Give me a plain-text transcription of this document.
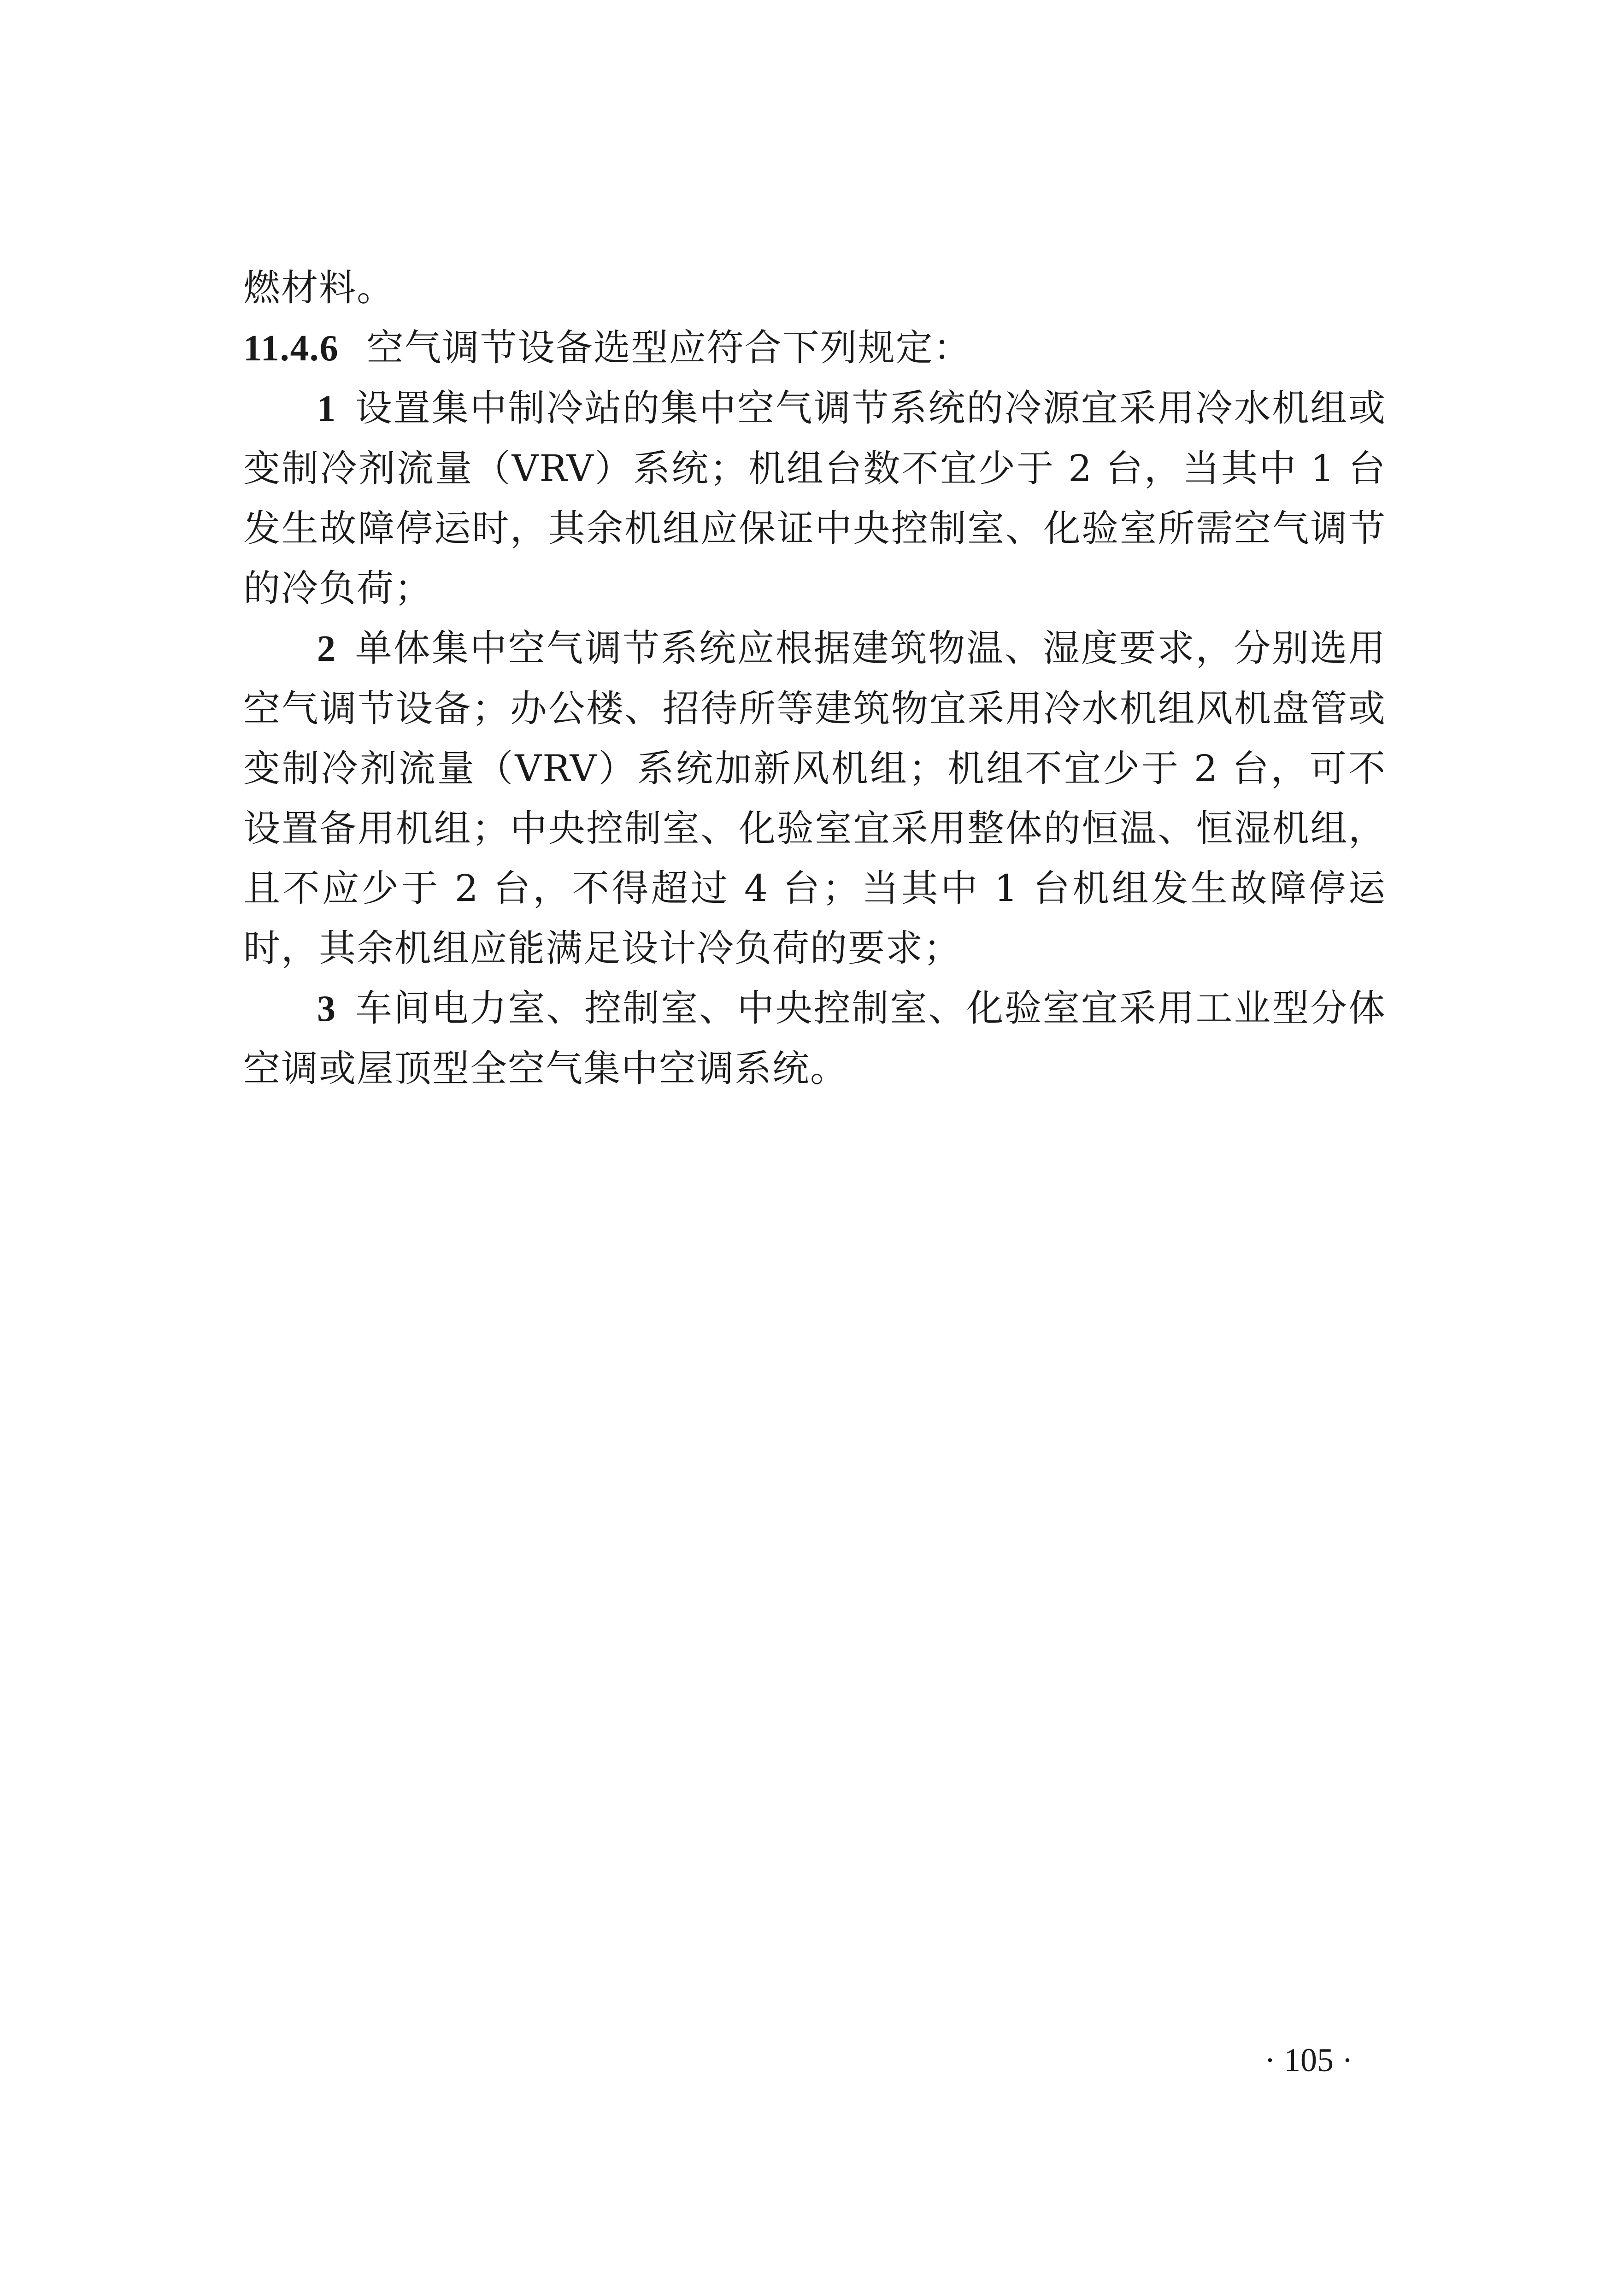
燃材料。

11.4.6 空气调节设备选型应符合下列规定：

1 设置集中制冷站的集中空气调节系统的冷源宜采用冷水机组或变制冷剂流量（VRV）系统；机组台数不宜少于 2 台，当其中 1 台发生故障停运时，其余机组应保证中央控制室、化验室所需空气调节的冷负荷；

2 单体集中空气调节系统应根据建筑物温、湿度要求，分别选用空气调节设备；办公楼、招待所等建筑物宜采用冷水机组风机盘管或变制冷剂流量（VRV）系统加新风机组；机组不宜少于 2 台，可不设置备用机组；中央控制室、化验室宜采用整体的恒温、恒湿机组，且不应少于 2 台，不得超过 4 台；当其中 1 台机组发生故障停运时，其余机组应能满足设计冷负荷的要求；

3 车间电力室、控制室、中央控制室、化验室宜采用工业型分体空调或屋顶型全空气集中空调系统。

· 105 ·
